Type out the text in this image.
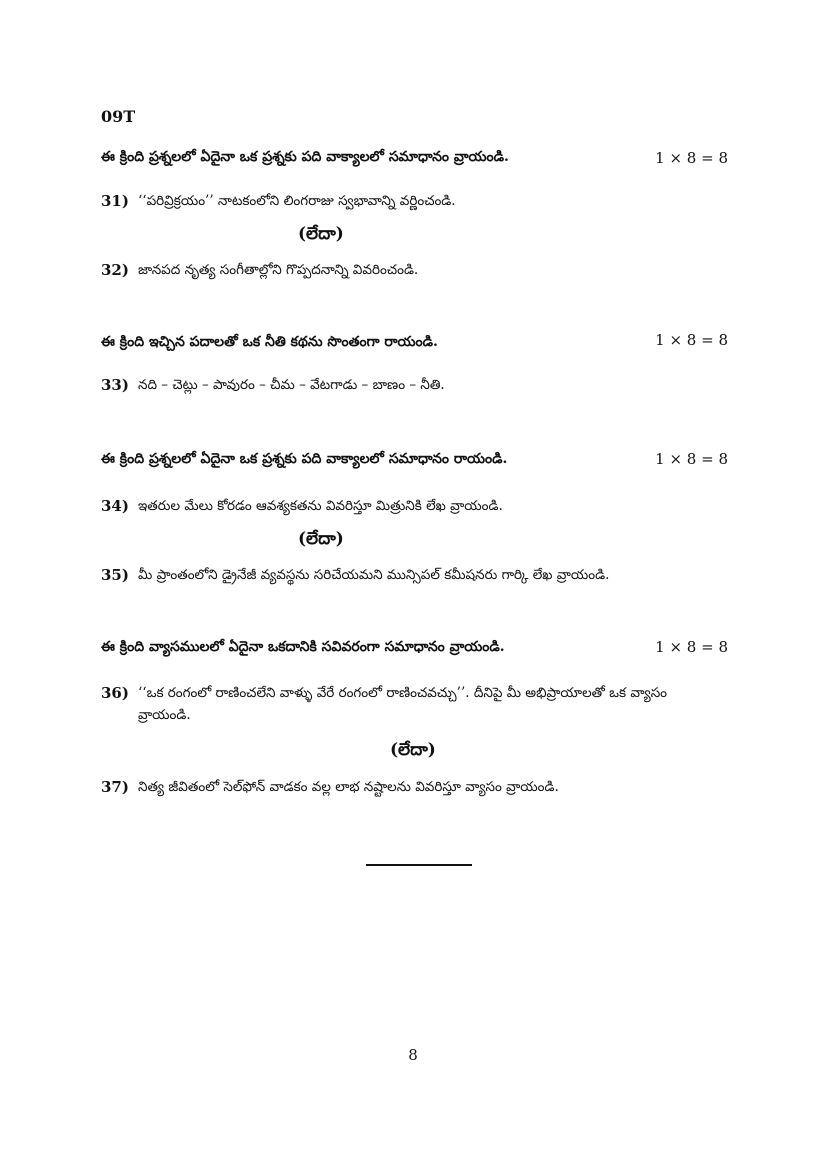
09T
ఈ క్రింది ప్రశ్నలలో ఏదైనా ఒక ప్రశ్నకు పది వాక్యాలలో సమాధానం వ్రాయండి.	1 × 8 = 8
31) ‘‘పరివ్రిక్రయం’’ నాటకంలోని లింగరాజు స్వభావాన్ని వర్ణించండి.
(లేదా)
32) జానపద నృత్య సంగీతాల్లోని గొప్పదనాన్ని వివరించండి.
ఈ క్రింది ఇచ్చిన పదాలతో ఒక నీతి కథను సొంతంగా రాయండి.	1 × 8 = 8
33) నది – చెట్లు – పావురం – చీమ – వేటగాడు – బాణం – నీతి.
ఈ క్రింది ప్రశ్నలలో ఏదైనా ఒక ప్రశ్నకు పది వాక్యాలలో సమాధానం రాయండి.	1 × 8 = 8
34) ఇతరుల మేలు కోరడం ఆవశ్యకతను వివరిస్తూ మిత్రునికి లేఖ వ్రాయండి.
(లేదా)
35) మీ ప్రాంతంలోని డ్రైనేజీ వ్యవస్థను సరిచేయమని మున్సిపల్ కమీషనరు గార్కి లేఖ వ్రాయండి.
ఈ క్రింది వ్యాసములలో ఏదైనా ఒకదానికి సవివరంగా సమాధానం వ్రాయండి.	1 × 8 = 8
36) ‘‘ఒక రంగంలో రాణించలేని వాళ్ళు వేరే రంగంలో రాణించవచ్చు’’. దీనిపై మీ అభిప్రాయాలతో ఒక వ్యాసం వ్రాయండి.
(లేదా)
37) నిత్య జీవితంలో సెల్‌ఫోన్ వాడకం వల్ల లాభ నష్టాలను వివరిస్తూ వ్యాసం వ్రాయండి.
8
